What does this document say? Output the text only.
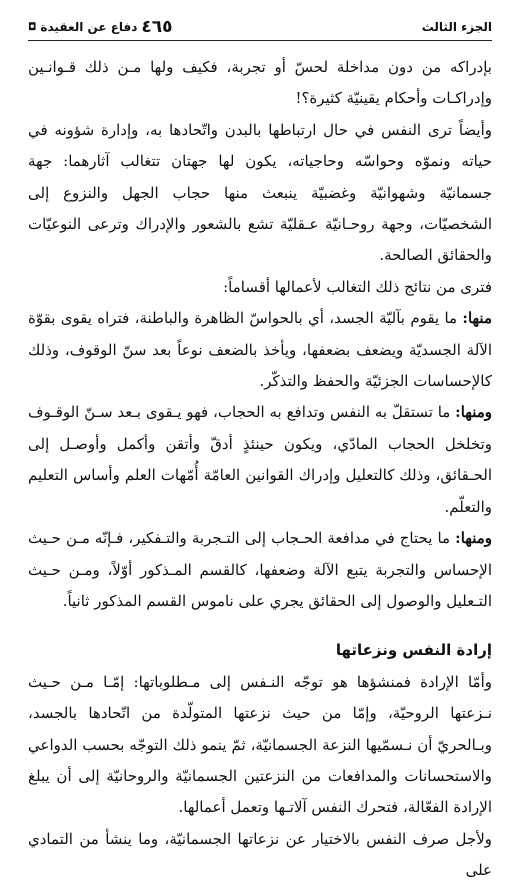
٤٦٥
دفاع عن العقيدة
◘	الجزء الثالث

بإدراكه من دون مداخلة لحسّ أو تجربة، فكيف ولها مـن ذلك قـوانـين وإدراكـات وأحكام يقينيّة كثيرة؟!

وأيضاً ترى النفس في حال ارتباطها بالبدن واتّحادها به، وإدارة شؤونه في حياته ونموّه وحواسّه وحاجياته، يكون لها جهتان تتغالب آثارهما: جهة جسمانيّة وشهوانيّة وغضبيّة ينبعث منها حجاب الجهل والنزوع إلى الشخصيّات، وجهة روحـانيّة عـقليّة تشع بالشعور والإدراك وترعى النوعيّات والحقائق الصالحة.

فترى من نتائج ذلك التغالب لأعمالها أقساماً:

منها: ما يقوم بآليّة الجسد، أي بالحواسّ الظاهرة والباطنة، فتراه يقوى بقوّة الآلة الجسديّة ويضعف بضعفها، ويأخذ بالضعف نوعاً بعد سنّ الوقوف، وذلك كالإحساسات الجزئيّة والحفظ والتذكّر.

ومنها: ما تستقلّ به النفس وتدافع به الحجاب، فهو يـقوى بـعد سـنّ الوقـوف وتخلخل الحجاب المادّي، ويكون حينئذٍ أدقّ وأتقن وأكمل وأوصـل إلى الحـقائق، وذلك كالتعليل وإدراك القوانين العامّة أُمّهات العلم وأساس التعليم والتعلّم.

ومنها: ما يحتاج في مدافعة الحـجاب إلى التـجربة والتـفكير، فـإنّه مـن حـيث الإحساس والتجربة يتبع الآلة وضعفها، كالقسم المـذكور أوّلاً، ومـن حـيث التـعليل والوصول إلى الحقائق يجري على ناموس القسم المذكور ثانياً.

إرادة النفس ونزعاتها

وأمّا الإرادة فمنشؤها هو توجّه النـفس إلى مـطلوباتها: إمّـا مـن حـيث نـزعتها الروحيّة، وإمّا من حيث نزعتها المتولّدة من اتّحادها بالجسد، وبـالحريّ أن نـسمّيها النزعة الجسمانيّة، ثمّ ينمو ذلك التوجّه بحسب الدواعي والاستحسانات والمدافعات من النزعتين الجسمانيّة والروحانيّة إلى أن يبلغ الإرادة الفعّالة، فتحرك النفس آلاتـها وتعمل أعمالها.

ولأجل صرف النفس بالاختيار عن نزعاتها الجسمانيّة، وما ينشأ من التمادي على
